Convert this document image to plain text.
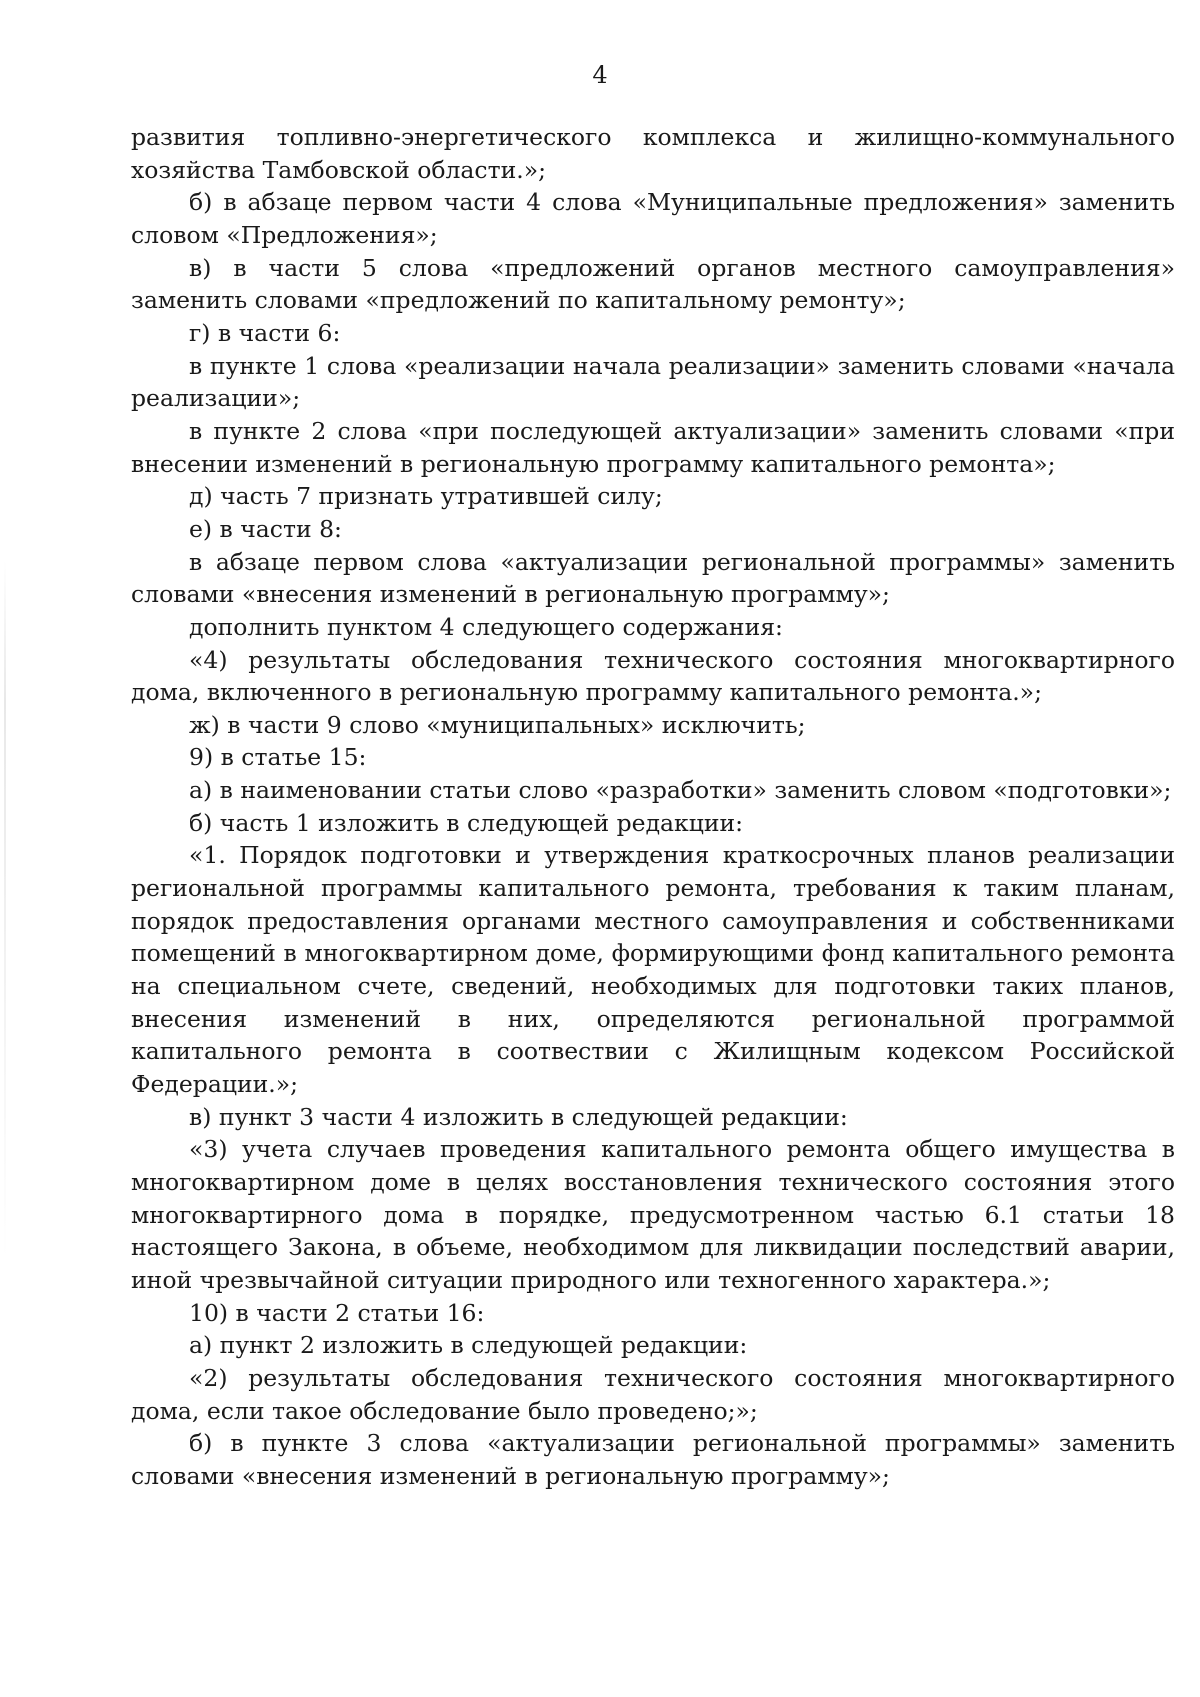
4

развития топливно-энергетического комплекса и жилищно-коммунального хозяйства Тамбовской области.»;

б) в абзаце первом части 4 слова «Муниципальные предложения» заменить словом «Предложения»;

в) в части 5 слова «предложений органов местного самоуправления» заменить словами «предложений по капитальному ремонту»;

г) в части 6:

в пункте 1 слова «реализации начала реализации» заменить словами «начала реализации»;

в пункте 2 слова «при последующей актуализации» заменить словами «при внесении изменений в региональную программу капитального ремонта»;

д) часть 7 признать утратившей силу;

е) в части 8:

в абзаце первом слова «актуализации региональной программы» заменить словами «внесения изменений в региональную программу»;

дополнить пунктом 4 следующего содержания:

«4) результаты обследования технического состояния многоквартирного дома, включенного в региональную программу капитального ремонта.»;

ж) в части 9 слово «муниципальных» исключить;

9) в статье 15:

а) в наименовании статьи слово «разработки» заменить словом «подготовки»;

б) часть 1 изложить в следующей редакции:

«1. Порядок подготовки и утверждения краткосрочных планов реализации региональной программы капитального ремонта, требования к таким планам, порядок предоставления органами местного самоуправления и собственниками помещений в многоквартирном доме, формирующими фонд капитального ремонта на специальном счете, сведений, необходимых для подготовки таких планов, внесения изменений в них, определяются региональной программой капитального ремонта в соотвествии с Жилищным кодексом Российской Федерации.»;

в) пункт 3 части 4 изложить в следующей редакции:

«3) учета случаев проведения капитального ремонта общего имущества в многоквартирном доме в целях восстановления технического состояния этого многоквартирного дома в порядке, предусмотренном частью 6.1 статьи 18 настоящего Закона, в объеме, необходимом для ликвидации последствий аварии, иной чрезвычайной ситуации природного или техногенного характера.»;

10) в части 2 статьи 16:

а) пункт 2 изложить в следующей редакции:

«2) результаты обследования технического состояния многоквартирного дома, если такое обследование было проведено;»;

б) в пункте 3 слова «актуализации региональной программы» заменить словами «внесения изменений в региональную программу»;
